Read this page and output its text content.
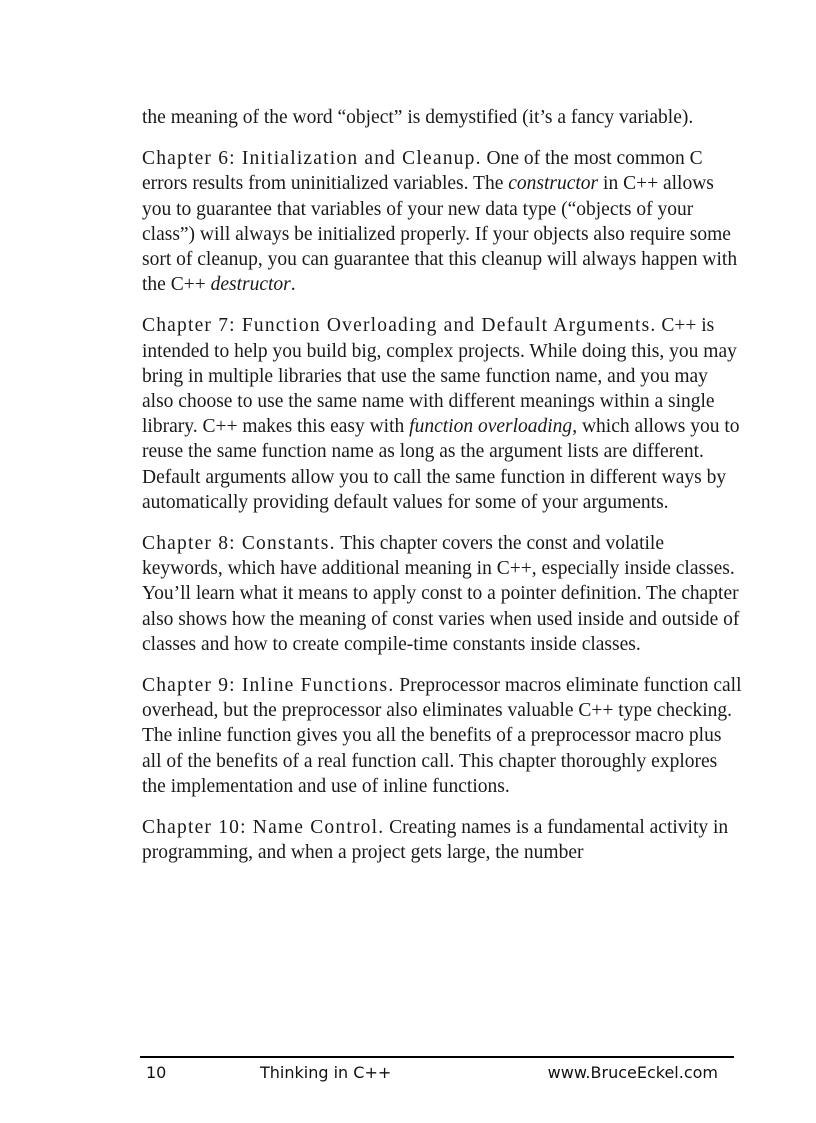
the meaning of the word “object” is demystified (it’s a fancy variable).

Chapter 6: Initialization and Cleanup. One of the most common C errors results from uninitialized variables. The constructor in C++ allows you to guarantee that variables of your new data type (“objects of your class”) will always be initialized properly. If your objects also require some sort of cleanup, you can guarantee that this cleanup will always happen with the C++ destructor.

Chapter 7: Function Overloading and Default Arguments. C++ is intended to help you build big, complex projects. While doing this, you may bring in multiple libraries that use the same function name, and you may also choose to use the same name with different meanings within a single library. C++ makes this easy with function overloading, which allows you to reuse the same function name as long as the argument lists are different. Default arguments allow you to call the same function in different ways by automatically providing default values for some of your arguments.

Chapter 8: Constants. This chapter covers the const and volatile keywords, which have additional meaning in C++, especially inside classes. You’ll learn what it means to apply const to a pointer definition. The chapter also shows how the meaning of const varies when used inside and outside of classes and how to create compile-time constants inside classes.

Chapter 9: Inline Functions. Preprocessor macros eliminate function call overhead, but the preprocessor also eliminates valuable C++ type checking. The inline function gives you all the benefits of a preprocessor macro plus all of the benefits of a real function call. This chapter thoroughly explores the implementation and use of inline functions.

Chapter 10: Name Control. Creating names is a fundamental activity in programming, and when a project gets large, the number

10	Thinking in C++	www.BruceEckel.com
